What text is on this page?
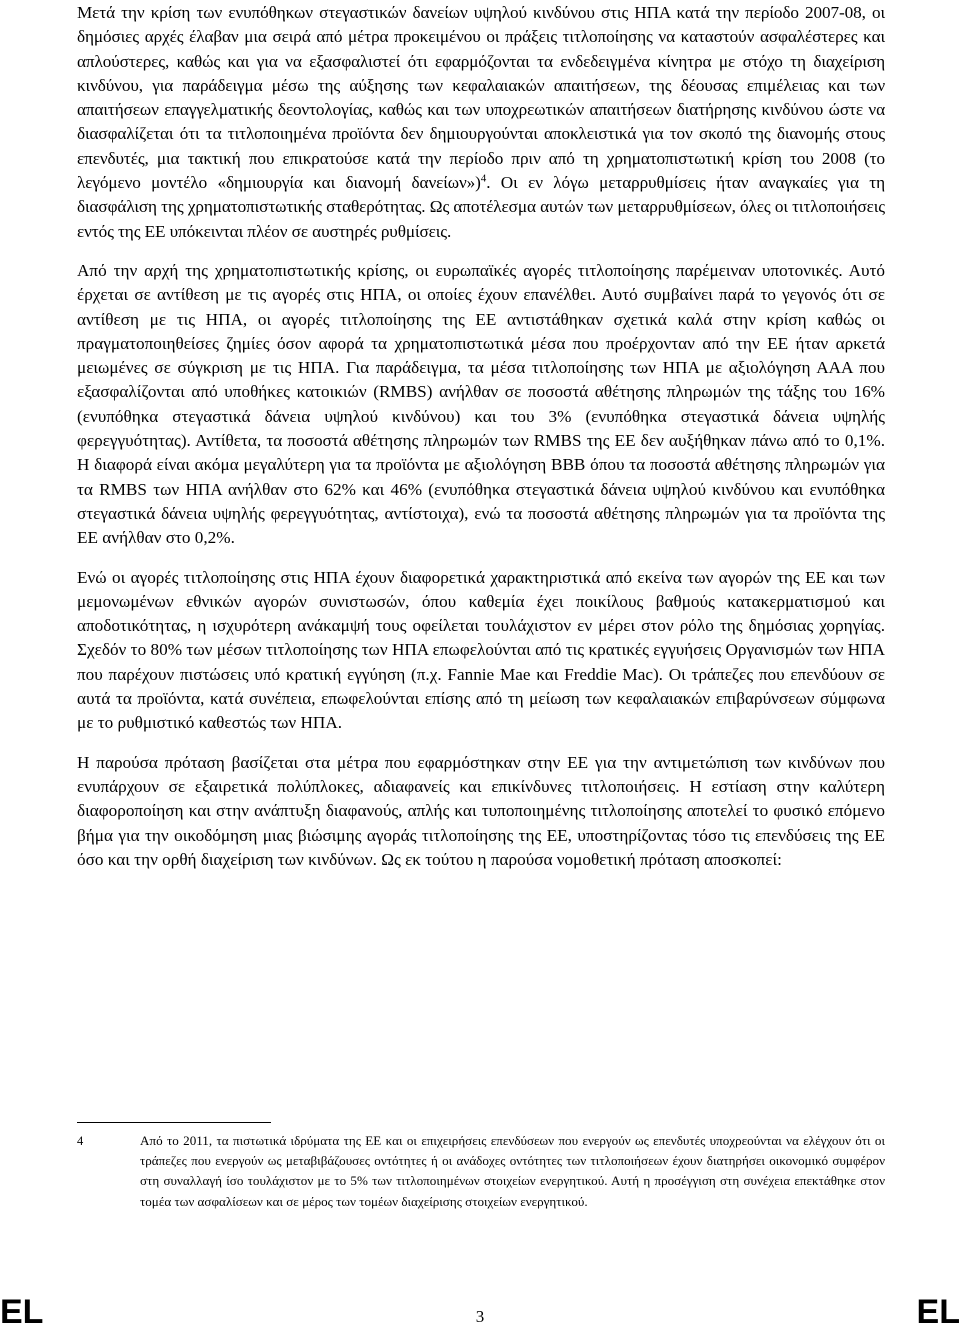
Μετά την κρίση των ενυπόθηκων στεγαστικών δανείων υψηλού κινδύνου στις ΗΠΑ κατά την περίοδο 2007-08, οι δημόσιες αρχές έλαβαν μια σειρά από μέτρα προκειμένου οι πράξεις τιτλοποίησης να καταστούν ασφαλέστερες και απλούστερες, καθώς και για να εξασφαλιστεί ότι εφαρμόζονται τα ενδεδειγμένα κίνητρα με στόχο τη διαχείριση κινδύνου, για παράδειγμα μέσω της αύξησης των κεφαλαιακών απαιτήσεων, της δέουσας επιμέλειας και των απαιτήσεων επαγγελματικής δεοντολογίας, καθώς και των υποχρεωτικών απαιτήσεων διατήρησης κινδύνου ώστε να διασφαλίζεται ότι τα τιτλοποιημένα προϊόντα δεν δημιουργούνται αποκλειστικά για τον σκοπό της διανομής στους επενδυτές, μια τακτική που επικρατούσε κατά την περίοδο πριν από τη χρηματοπιστωτική κρίση του 2008 (το λεγόμενο μοντέλο «δημιουργία και διανομή δανείων»)$^4$. Οι εν λόγω μεταρρυθμίσεις ήταν αναγκαίες για τη διασφάλιση της χρηματοπιστωτικής σταθερότητας. Ως αποτέλεσμα αυτών των μεταρρυθμίσεων, όλες οι τιτλοποιήσεις εντός της ΕΕ υπόκεινται πλέον σε αυστηρές ρυθμίσεις.

Από την αρχή της χρηματοπιστωτικής κρίσης, οι ευρωπαϊκές αγορές τιτλοποίησης παρέμειναν υποτονικές. Αυτό έρχεται σε αντίθεση με τις αγορές στις ΗΠΑ, οι οποίες έχουν επανέλθει. Αυτό συμβαίνει παρά το γεγονός ότι σε αντίθεση με τις ΗΠΑ, οι αγορές τιτλοποίησης της ΕΕ αντιστάθηκαν σχετικά καλά στην κρίση καθώς οι πραγματοποιηθείσες ζημίες όσον αφορά τα χρηματοπιστωτικά μέσα που προέρχονταν από την ΕΕ ήταν αρκετά μειωμένες σε σύγκριση με τις ΗΠΑ. Για παράδειγμα, τα μέσα τιτλοποίησης των ΗΠΑ με αξιολόγηση ΑΑΑ που εξασφαλίζονται από υποθήκες κατοικιών (RMBS) ανήλθαν σε ποσοστά αθέτησης πληρωμών της τάξης του 16% (ενυπόθηκα στεγαστικά δάνεια υψηλού κινδύνου) και του 3% (ενυπόθηκα στεγαστικά δάνεια υψηλής φερεγγυότητας). Αντίθετα, τα ποσοστά αθέτησης πληρωμών των RMBS της ΕΕ δεν αυξήθηκαν πάνω από το 0,1%. Η διαφορά είναι ακόμα μεγαλύτερη για τα προϊόντα με αξιολόγηση BBB όπου τα ποσοστά αθέτησης πληρωμών για τα RMBS των ΗΠΑ ανήλθαν στο 62% και 46% (ενυπόθηκα στεγαστικά δάνεια υψηλού κινδύνου και ενυπόθηκα στεγαστικά δάνεια υψηλής φερεγγυότητας, αντίστοιχα), ενώ τα ποσοστά αθέτησης πληρωμών για τα προϊόντα της ΕΕ ανήλθαν στο 0,2%.

Ενώ οι αγορές τιτλοποίησης στις ΗΠΑ έχουν διαφορετικά χαρακτηριστικά από εκείνα των αγορών της ΕΕ και των μεμονωμένων εθνικών αγορών συνιστωσών, όπου καθεμία έχει ποικίλους βαθμούς κατακερματισμού και αποδοτικότητας, η ισχυρότερη ανάκαμψή τους οφείλεται τουλάχιστον εν μέρει στον ρόλο της δημόσιας χορηγίας. Σχεδόν το 80% των μέσων τιτλοποίησης των ΗΠΑ επωφελούνται από τις κρατικές εγγυήσεις Οργανισμών των ΗΠΑ που παρέχουν πιστώσεις υπό κρατική εγγύηση (π.χ. Fannie Mae και Freddie Mac). Οι τράπεζες που επενδύουν σε αυτά τα προϊόντα, κατά συνέπεια, επωφελούνται επίσης από τη μείωση των κεφαλαιακών επιβαρύνσεων σύμφωνα με το ρυθμιστικό καθεστώς των ΗΠΑ.

Η παρούσα πρόταση βασίζεται στα μέτρα που εφαρμόστηκαν στην ΕΕ για την αντιμετώπιση των κινδύνων που ενυπάρχουν σε εξαιρετικά πολύπλοκες, αδιαφανείς και επικίνδυνες τιτλοποιήσεις. Η εστίαση στην καλύτερη διαφοροποίηση και στην ανάπτυξη διαφανούς, απλής και τυποποιημένης τιτλοποίησης αποτελεί το φυσικό επόμενο βήμα για την οικοδόμηση μιας βιώσιμης αγοράς τιτλοποίησης της ΕΕ, υποστηρίζοντας τόσο τις επενδύσεις της ΕΕ όσο και την ορθή διαχείριση των κινδύνων. Ως εκ τούτου η παρούσα νομοθετική πρόταση αποσκοπεί:

4	Από το 2011, τα πιστωτικά ιδρύματα της ΕΕ και οι επιχειρήσεις επενδύσεων που ενεργούν ως επενδυτές υποχρεούνται να ελέγχουν ότι οι τράπεζες που ενεργούν ως μεταβιβάζουσες οντότητες ή οι ανάδοχες οντότητες των τιτλοποιήσεων έχουν διατηρήσει οικονομικό συμφέρον στη συναλλαγή ίσο τουλάχιστον με το 5% των τιτλοποιημένων στοιχείων ενεργητικού. Αυτή η προσέγγιση στη συνέχεια επεκτάθηκε στον τομέα των ασφαλίσεων και σε μέρος των τομέων διαχείρισης στοιχείων ενεργητικού.

EL	3	EL
